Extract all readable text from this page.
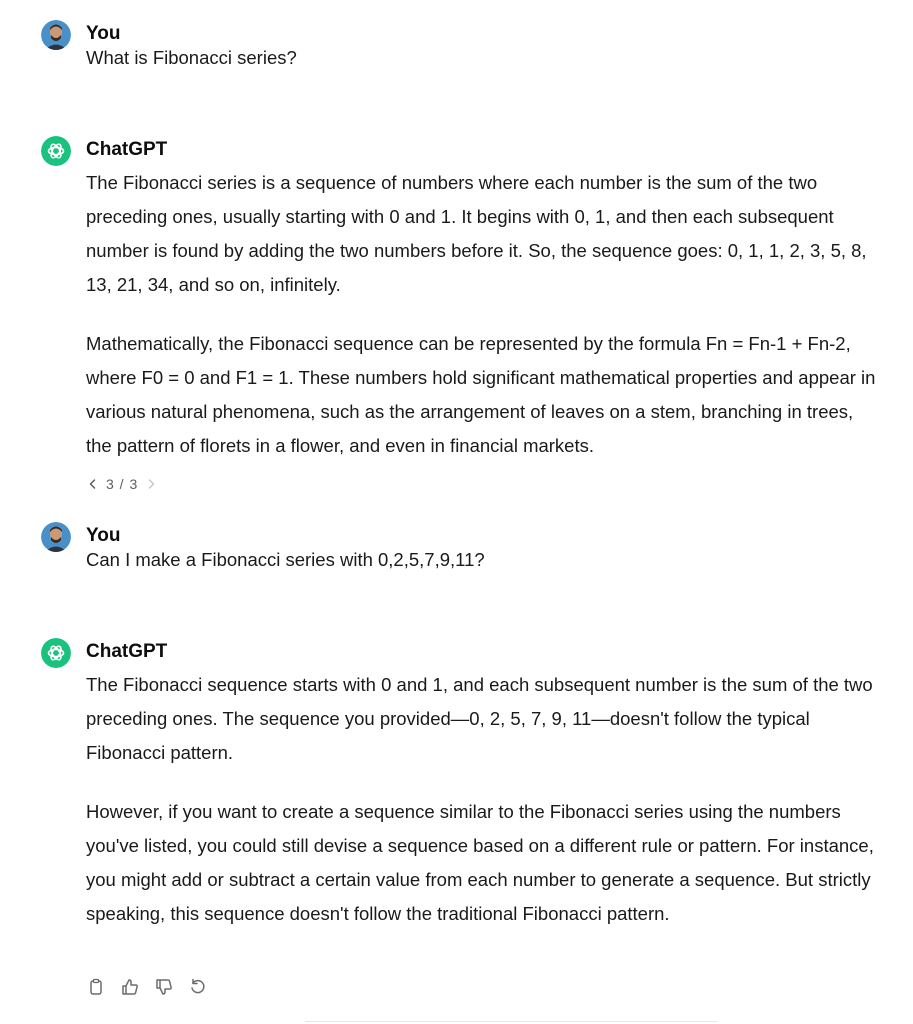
You
What is Fibonacci series?
ChatGPT

The Fibonacci series is a sequence of numbers where each number is the sum of the two preceding ones, usually starting with 0 and 1. It begins with 0, 1, and then each subsequent number is found by adding the two numbers before it. So, the sequence goes: 0, 1, 1, 2, 3, 5, 8, 13, 21, 34, and so on, infinitely.

Mathematically, the Fibonacci sequence can be represented by the formula Fn = Fn-1 + Fn-2, where F0 = 0 and F1 = 1. These numbers hold significant mathematical properties and appear in various natural phenomena, such as the arrangement of leaves on a stem, branching in trees, the pattern of florets in a flower, and even in financial markets.

3 / 3
You
Can I make a Fibonacci series with 0,2,5,7,9,11?
ChatGPT

The Fibonacci sequence starts with 0 and 1, and each subsequent number is the sum of the two preceding ones. The sequence you provided—0, 2, 5, 7, 9, 11—doesn't follow the typical Fibonacci pattern.

However, if you want to create a sequence similar to the Fibonacci series using the numbers you've listed, you could still devise a sequence based on a different rule or pattern. For instance, you might add or subtract a certain value from each number to generate a sequence. But strictly speaking, this sequence doesn't follow the traditional Fibonacci pattern.
